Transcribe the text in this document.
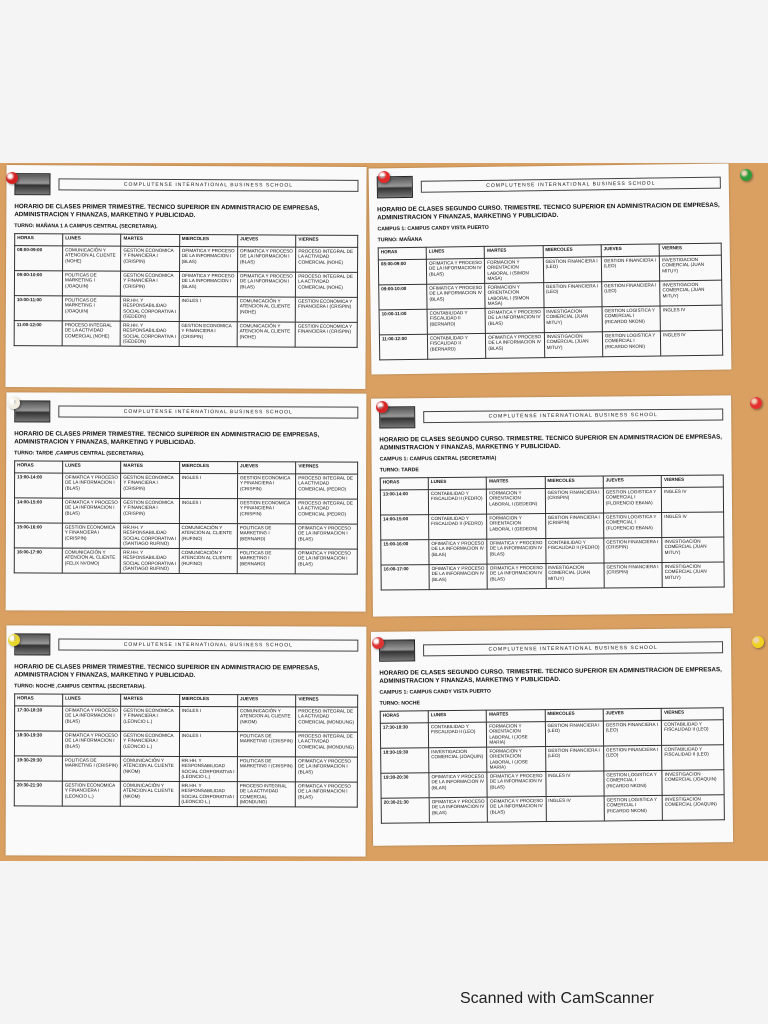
COMPLUTENSE INTERNATIONAL BUSINESS SCHOOL
HORARIO DE CLASES PRIMER TRIMESTRE. TECNICO SUPERIOR EN ADMINISTRACIO DE EMPRESAS, ADMINISTRACION Y FINANZAS, MARKETING Y PUBLICIDAD.
TURNO: MAÑANA 1 A CAMPUS CENTRAL (SECRETARIA).
HORAS	LUNES	MARTES	MIERCOLES	JUEVES	VIERNES
08:00-09:00	COMUNICACIÓN Y ATENCION AL CLIENTE (NOHE)	GESTION ECONOMICA Y FINANCIERA I (CRISPIN)	OFIMATICA Y PROCESO DE LA INFORMACION I (BLAS)	OFIMATICA Y PROCESO DE LA INFORMACION I (BLAS)	PROCESO INTEGRAL DE LA ACTIVIDAD COMERCIAL (NOHE)
09:00-10:00	POLITICAS DE MARKETING I (JOAQUIN)	GESTION ECONOMICA Y FINANCIERA I (CRISPIN)	OFIMATICA Y PROCESO DE LA INFORMACION I (BLAS)	OFIMATICA Y PROCESO DE LA INFORMACION I (BLAS)	PROCESO INTEGRAL DE LA ACTIVIDAD COMERCIAL (NOHE)
10:00-11:00	POLITICAS DE MARKETING I (JOAQUIN)	RR.HH. Y RESPONSABILIDAD SOCIAL CORPORATIVA I (GEDEON)	INGLES I	COMUNICACIÓN Y ATENCION AL CLIENTE (NOHE)	GESTION ECONOMICA Y FINANCIERA I (CRISPIN)
11:00-12:00	PROCESO INTEGRAL DE LA ACTIVIDAD COMERCIAL (NOHE)	RR.HH. Y RESPONSABILIDAD SOCIAL CORPORATIVA I (GEDEON)	GESTION ECONOMICA Y FINANCIERA I (CRISPIN)	COMUNICACIÓN Y ATENCION AL CLIENTE (NOHE)	GESTION ECONOMICA Y FINANCIERA I (CRISPIN)
COMPLUTENSE INTERNATIONAL BUSINESS SCHOOL
HORARIO DE CLASES SEGUNDO CURSO. TRIMESTRE. TECNICO SUPERIOR EN ADMINISTRACION DE EMPRESAS, ADMINISTRACION Y FINANZAS, MARKETING Y PUBLICIDAD.
CAMPUS 1: CAMPUS CANDY VISTA PUERTO
TURNO: MAÑANA
HORAS	LUNES	MARTES	MIERCOLES	JUEVES	VIERNES
08:00-09:00	OFIMATICA Y PROCESO DE LA INFORMACION IV (BLAS)	FORMACION Y ORIENTACION LABORAL I (SIMON MASA)	GESTION FINANCIERA I (LEO)	GESTION FINANCIERA I (LEO)	INVESTIGACION COMERCIAL (JUAN MITUY)
09:00-10:00	OFIMATICA Y PROCESO DE LA INFORMACION IV (BLAS)	FORMACION Y ORIENTACION LABORAL I (SIMON MASA)	GESTION FINANCIERA I (LEO)	GESTION FINANCIERA I (LEO)	INVESTIGACION COMERCIAL (JUAN MITUY)
10:00-11:00	CONTABILIDAD Y FISCALIDAD II (BERNARD)	OFIMATICA Y PROCESO DE LA INFORMACION IV (BLAS)	INVESTIGACION COMERCIAL (JUAN MITUY)	GESTION LOGISTICA Y COMERCIAL I (RICARDO NKONI)	INGLES IV
11:00-12:00	CONTABILIDAD Y FISCALIDAD II (BERNARD)	OFIMATICA Y PROCESO DE LA INFORMACION IV (BLAS)	INVESTIGACION COMERCIAL (JUAN MITUY)	GESTION LOGISTICA Y COMERCIAL I (RICARDO NKONI)	INGLES IV
COMPLUTENSE INTERNATIONAL BUSINESS SCHOOL
HORARIO DE CLASES PRIMER TRIMESTRE. TECNICO SUPERIOR EN ADMINISTRACIO DE EMPRESAS, ADMINISTRACION Y FINANZAS, MARKETING Y PUBLICIDAD.
TURNO: TARDE ,CAMPUS CENTRAL (SECRETARIA).
HORAS	LUNES	MARTES	MIERCOLES	JUEVES	VIERNES
13:00-14:00	OFIMATICA Y PROCESO DE LA INFORMACION I (BLAS)	GESTION ECONOMICA Y FINANCIERA I (CRISPIN)	INGLES I	GESTION ECONOMICA Y FINANCIERA I (CRISPIN)	PROCESO INTEGRAL DE LA ACTIVIDAD COMERCIAL (PEDRO)
14:00-15:00	OFIMATICA Y PROCESO DE LA INFORMACION I (BLAS)	GESTION ECONOMICA Y FINANCIERA I (CRISPIN)	INGLES I	GESTION ECONOMICA Y FINANCIERA I (CRISPIN)	PROCESO INTEGRAL DE LA ACTIVIDAD COMERCIAL (PEDRO)
15:00-16:00	GESTION ECONOMICA Y FINANCIERA I (CRISPIN)	RR.HH. Y RESPONSABILIDAD SOCIAL CORPORATIVA I (SANTIAGO RUFINO)	COMUNICACIÓN Y ATENCION AL CLIENTE (RUFINO)	POLITICAS DE MARKETING I (BERNARD)	OFIMATICA Y PROCESO DE LA INFORMACION I (BLAS)
16:00-17:00	COMUNICACIÓN Y ATENCION AL CLIENTE (FELIX NVOMO)	RR.HH. Y RESPONSABILIDAD SOCIAL CORPORATIVA I (SANTIAGO RUFINO)	COMUNICACIÓN Y ATENCION AL CLIENTE (RUFINO)	POLITICAS DE MARKETING I (BERNARD)	OFIMATICA Y PROCESO DE LA INFORMACION I (BLAS)
COMPLUTENSE INTERNATIONAL BUSINESS SCHOOL
HORARIO DE CLASES SEGUNDO CURSO. TRIMESTRE. TECNICO SUPERIOR EN ADMINISTRACION DE EMPRESAS, ADMINISTRACION Y FINANZAS, MARKETING Y PUBLICIDAD.
CAMPUS 1: CAMPUS CENTRAL (SECRETARIA)
TURNO: TARDE
HORAS	LUNES	MARTES	MIERCOLES	JUEVES	VIERNES
13:00-14:00	CONTABILIDAD Y FISCALIDAD II (PEDRO)	FORMACION Y ORIENTACION LABORAL I (GEDEON)	GESTION FINANCIERA I (CRISPIN)	GESTION LOGISTICA Y COMERCIAL I (FLORENCIO EBANA)	INGLES IV
14:00-15:00	CONTABILIDAD Y FISCALIDAD II (PEDRO)	FORMACION Y ORIENTACION LABORAL I (GEDEON)	GESTION FINANCIERA I (CRISPIN)	GESTION LOGISTICA Y COMERCIAL I (FLORENCIO EBANA)	INGLES IV
15:00-16:00	OFIMATICA Y PROCESO DE LA INFORMACION IV (BLAS)	OFIMATICA Y PROCESO DE LA INFORMACION IV (BLAS)	CONTABILIDAD Y FISCALIDAD II (PEDRO)	GESTION FINANCIERA I (CRISPIN)	INVESTIGACION COMERCIAL (JUAN MITUY)
16:00-17:00	OFIMATICA Y PROCESO DE LA INFORMACION IV (BLAS)	OFIMATICA Y PROCESO DE LA INFORMACION IV (BLAS)	INVESTIGACION COMERCIAL (JUAN MITUY)	GESTION FINANCIERA I (CRISPIN)	INVESTIGACION COMERCIAL (JUAN MITUY)
COMPLUTENSE INTERNATIONAL BUSINESS SCHOOL
HORARIO DE CLASES PRIMER TRIMESTRE. TECNICO SUPERIOR EN ADMINISTRACIO DE EMPRESAS, ADMINISTRACION Y FINANZAS, MARKETING Y PUBLICIDAD.
TURNO: NOCHE ,CAMPUS CENTRAL (SECRETARIA).
HORAS	LUNES	MARTES	MIERCOLES	JUEVES	VIERNES
17:30-18:30	OFIMATICA Y PROCESO DE LA INFORMACION I (BLAS)	GESTION ECONOMICA Y FINANCIERA I (LEONCIO L.)	INGLES I	COMUNICACIÓN Y ATENCION AL CLIENTE (NKOM)	PROCESO INTEGRAL DE LA ACTIVIDAD COMERCIAL (MONDUNG)
18:30-19:30	OFIMATICA Y PROCESO DE LA INFORMACION I (BLAS)	GESTION ECONOMICA Y FINANCIERA I (LEONCIO L.)	INGLES I	POLITICAS DE MARKETING I (CRISPIN)	PROCESO INTEGRAL DE LA ACTIVIDAD COMERCIAL (MONDUNG)
19:30-20:30	POLITICAS DE MARKETING I (CRISPIN)	COMUNICACIÓN Y ATENCION AL CLIENTE (NKOM)	RR.HH. Y RESPONSABILIDAD SOCIAL CORPORATIVA I (LEONCIO L.)	POLITICAS DE MARKETING I (CRISPIN)	OFIMATICA Y PROCESO DE LA INFORMACION I (BLAS)
20:30-21:30	GESTION ECONOMICA Y FINANCIERA I (LEONCIO L.)	COMUNICACIÓN Y ATENCION AL CLIENTE (NKOM)	RR.HH. Y RESPONSABILIDAD SOCIAL CORPORATIVA I (LEONCIO L.)	PROCESO INTEGRAL DE LA ACTIVIDAD COMERCIAL (MONDUNG)	OFIMATICA Y PROCESO DE LA INFORMACION I (BLAS)
COMPLUTENSE INTERNATIONAL BUSINESS SCHOOL
HORARIO DE CLASES SEGUNDO CURSO. TRIMESTRE. TECNICO SUPERIOR EN ADMINISTRACION DE EMPRESAS, ADMINISTRACION Y FINANZAS, MARKETING Y PUBLICIDAD.
CAMPUS 1: CAMPUS CANDY VISTA PUERTO
TURNO: NOCHE
HORAS	LUNES	MARTES	MIERCOLES	JUEVES	VIERNES
17:30-18:30	CONTABILIDAD Y FISCALIDAD II (LEO)	FORMACION Y ORIENTACION LABORAL I (JOSE MARIA)	GESTION FINANCIERA I (LEO)	GESTION FINANCIERA I (LEO)	CONTABILIDAD Y FISCALIDAD II (LEO)
18:30-19:30	INVESTIGACION COMERCIAL (JOAQUIN)	FORMACION Y ORIENTACION LABORAL I (JOSE MARIA)	GESTION FINANCIERA I (LEO)	GESTION FINANCIERA I (LEO)	CONTABILIDAD Y FISCALIDAD II (LEO)
19:30-20:30	OFIMATICA Y PROCESO DE LA INFORMACION IV (BLAS)	OFIMATICA Y PROCESO DE LA INFORMACION IV (BLAS)	INGLES IV	GESTION LOGISTICA Y COMERCIAL I (RICARDO NKONI)	INVESTIGACION COMERCIAL (JOAQUIN)
20:30-21:30	OFIMATICA Y PROCESO DE LA INFORMACION IV (BLAS)	OFIMATICA Y PROCESO DE LA INFORMACION IV (BLAS)	INGLES IV	GESTION LOGISTICA Y COMERCIAL I (RICARDO NKONI)	INVESTIGACION COMERCIAL (JOAQUIN)
Scanned with CamScanner
